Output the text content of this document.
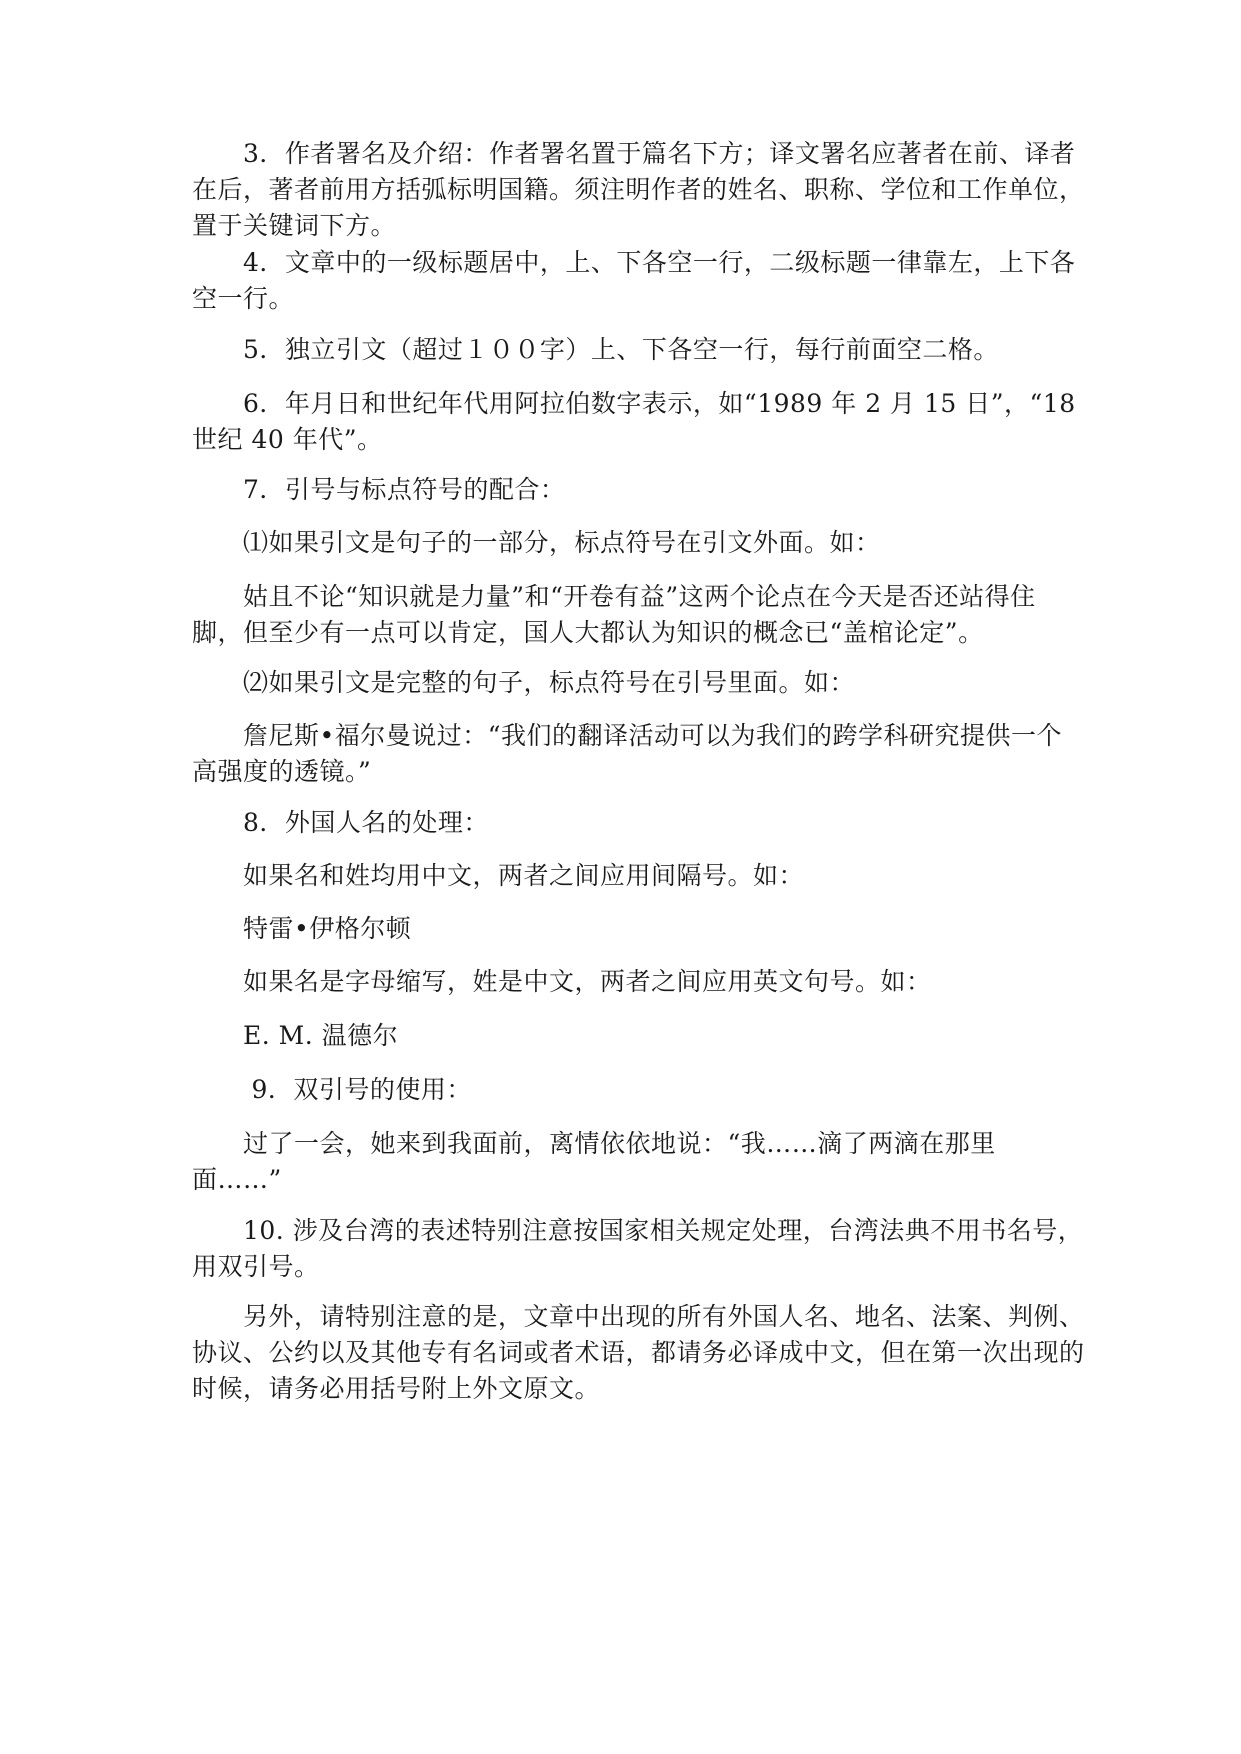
　　3．作者署名及介绍：作者署名置于篇名下方；译文署名应著者在前、译者
在后，著者前用方括弧标明国籍。须注明作者的姓名、职称、学位和工作单位，
置于关键词下方。

　　4．文章中的一级标题居中，上、下各空一行，二级标题一律靠左，上下各
空一行。

　　5．独立引文（超过１００字）上、下各空一行，每行前面空二格。

　　6．年月日和世纪年代用阿拉伯数字表示，如“1989 年 2 月 15 日”，“18
世纪 40 年代”。

　　7．引号与标点符号的配合：

　　⑴如果引文是句子的一部分，标点符号在引文外面。如：

　　姑且不论“知识就是力量”和“开卷有益”这两个论点在今天是否还站得住
脚，但至少有一点可以肯定，国人大都认为知识的概念已“盖棺论定”。

　　⑵如果引文是完整的句子，标点符号在引号里面。如：

　　詹尼斯•福尔曼说过：“我们的翻译活动可以为我们的跨学科研究提供一个
高强度的透镜。”

　　8．外国人名的处理：

　　如果名和姓均用中文，两者之间应用间隔号。如：

　　特雷•伊格尔顿

　　如果名是字母缩写，姓是中文，两者之间应用英文句号。如：

　　E. M. 温德尔

　　 9．双引号的使用：

　　过了一会，她来到我面前，离情依依地说：“我……滴了两滴在那里
面……”

　　10. 涉及台湾的表述特别注意按国家相关规定处理，台湾法典不用书名号，
用双引号。

　　另外，请特别注意的是，文章中出现的所有外国人名、地名、法案、判例、
协议、公约以及其他专有名词或者术语，都请务必译成中文，但在第一次出现的
时候，请务必用括号附上外文原文。
